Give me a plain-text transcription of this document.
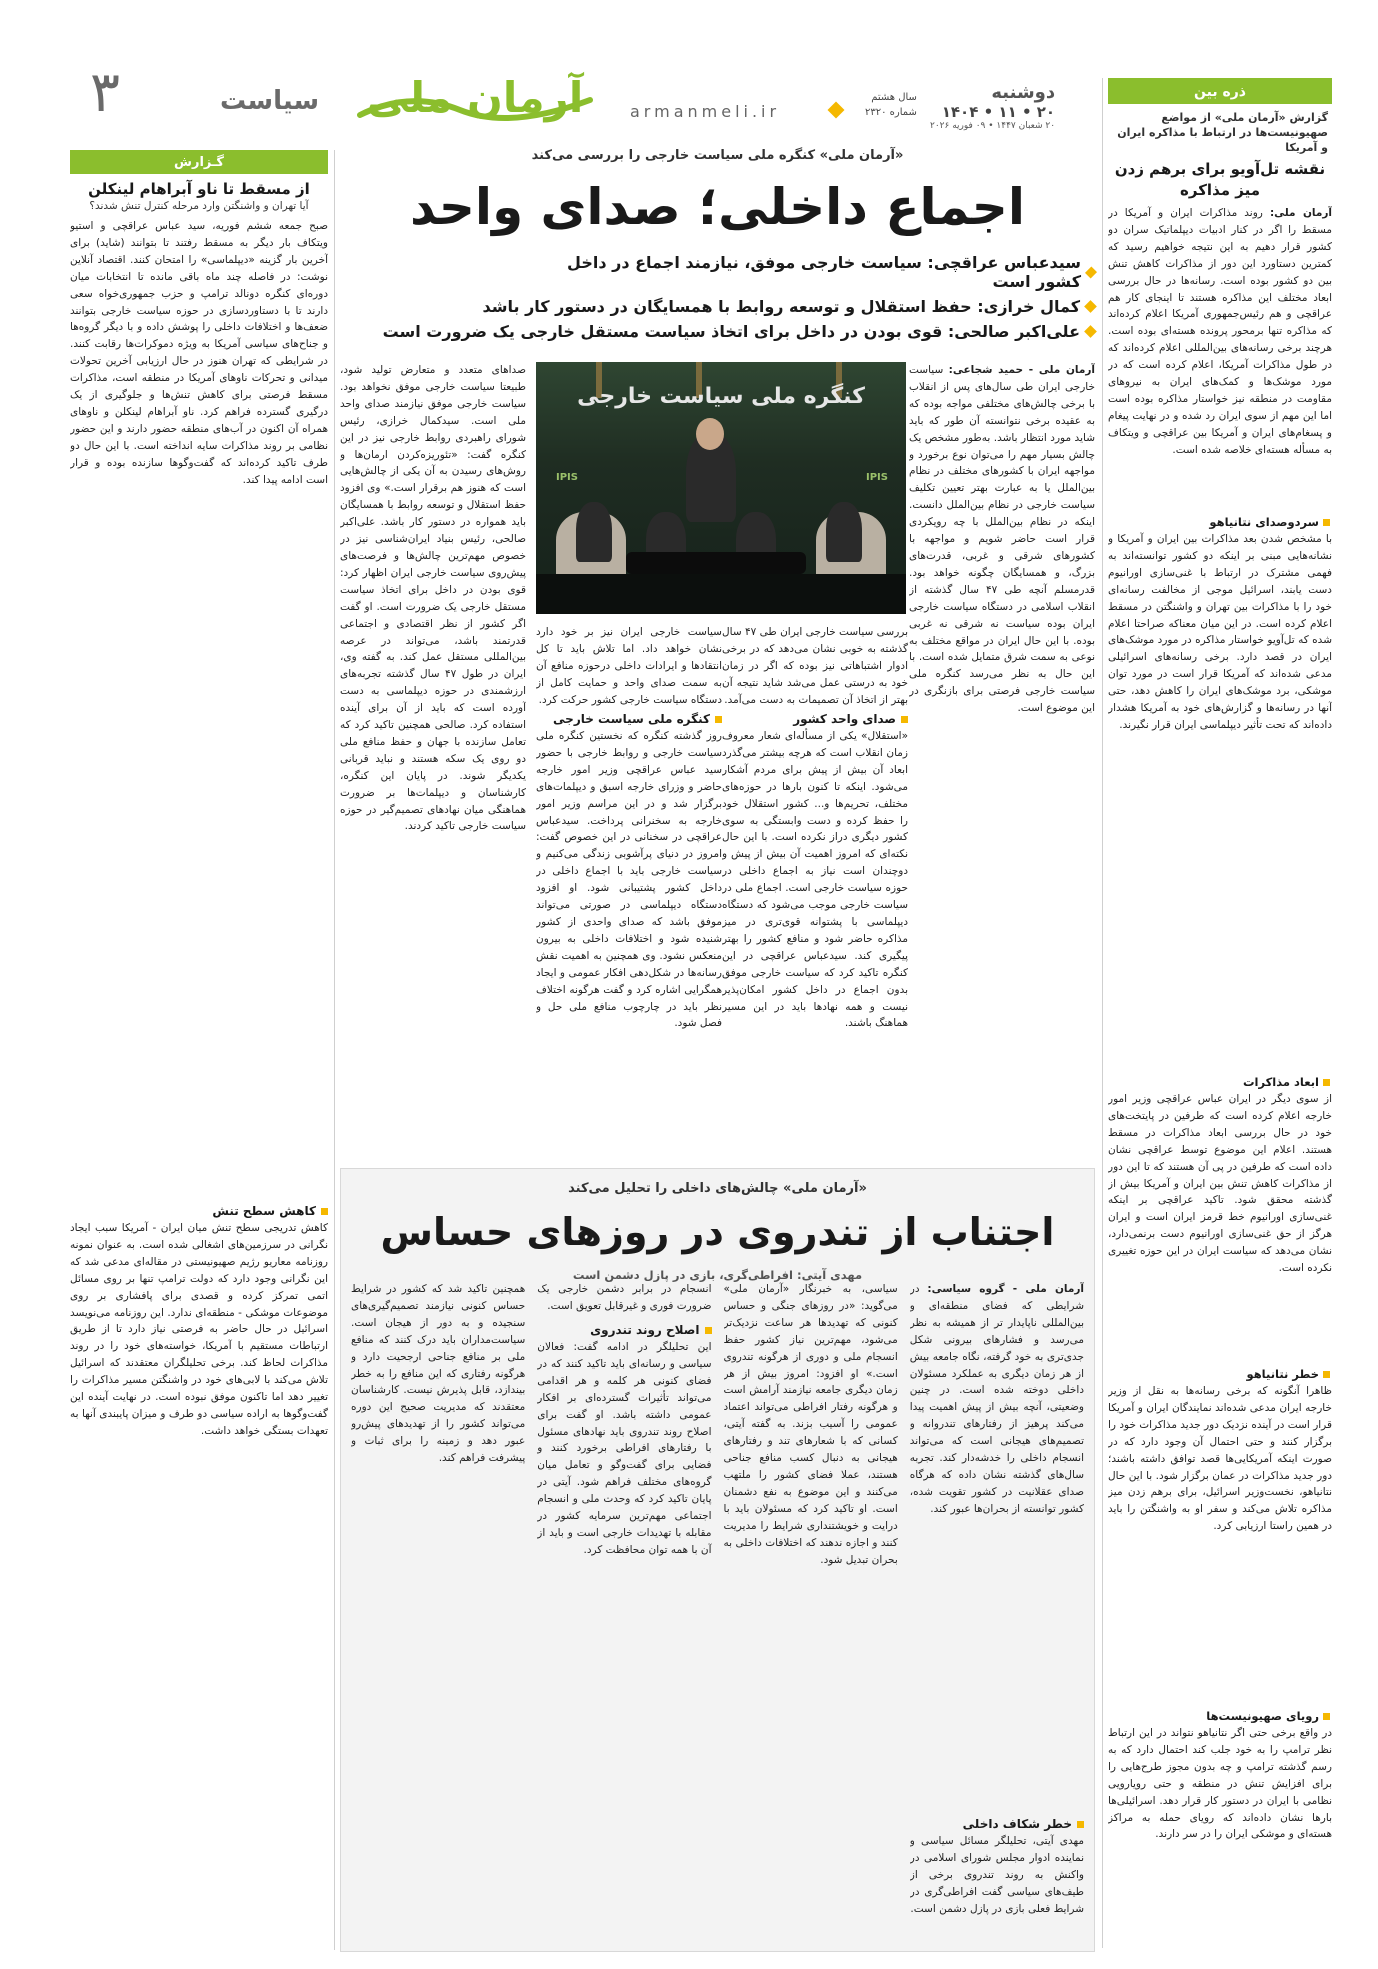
۳	سیاست آرمان ملی	armanmeli.ir
سال هشتم
شماره ۲۳۲۰
دوشنبه
۲۰ • ۱۱ • ۱۴۰۴
۲۰ شعبان ۱۴۴۷ • ۰۹ فوریه ۲۰۲۶
ذره بین
گزارش «آرمان ملی» از مواضع صهیونیست‌ها در ارتباط با مذاکره ایران و آمریکا
نقشه تل‌آویو برای برهم زدن میز مذاکره
آرمان ملی: روند مذاکرات ایران و آمریکا در مسقط را اگر در کنار ادبیات دیپلماتیک سران دو کشور قرار دهیم به این نتیجه خواهیم رسید که کمترین دستاورد این دور از مذاکرات کاهش تنش بین دو کشور بوده است. رسانه‌ها در حال بررسی ابعاد مختلف این مذاکره هستند تا اینجای کار هم عراقچی و هم رئیس‌جمهوری آمریکا اعلام کرده‌اند که مذاکره تنها برمحور پرونده هسته‌ای بوده است. هرچند برخی رسانه‌های بین‌المللی اعلام کرده‌اند که در طول مذاکرات آمریکا، اعلام کرده است که در مورد موشک‌ها و کمک‌های ایران به نیروهای مقاومت در منطقه نیز خواستار مذاکره بوده است اما این مهم از سوی ایران رد شده و در نهایت پیغام و پسغام‌های ایران و آمریکا بین عراقچی و ویتکاف به مسأله هسته‌ای خلاصه شده است.
سردوصدای نتانیاهو
با مشخص شدن بعد مذاکرات بین ایران و آمریکا و نشانه‌هایی مبنی بر اینکه دو کشور توانسته‌اند به فهمی مشترک در ارتباط با غنی‌سازی اورانیوم دست یابند، اسرائیل موجی از مخالفت رسانه‌ای خود را با مذاکرات بین تهران و واشنگتن در مسقط اعلام کرده است. در این میان معناکه صراحتا اعلام شده که تل‌آویو خواستار مذاکره در مورد موشک‌های ایران در قصد دارد. برخی رسانه‌های اسرائیلی مدعی شده‌اند که آمریکا قرار است در مورد توان موشکی، برد موشک‌های ایران را کاهش دهد، حتی آنها در رسانه‌ها و گزارش‌های خود به آمریکا هشدار داده‌اند که تحت تأثیر دیپلماسی ایران قرار نگیرند.
ابعاد مذاکرات
از سوی دیگر در ایران عباس عراقچی وزیر امور خارجه اعلام کرده است که طرفین در پایتخت‌های خود در حال بررسی ابعاد مذاکرات در مسقط هستند. اعلام این موضوع توسط عراقچی نشان داده است که طرفین در پی آن هستند که تا این دور از مذاکرات کاهش تنش بین ایران و آمریکا بیش از گذشته محقق شود. تاکید عراقچی بر اینکه غنی‌سازی اورانیوم خط قرمز ایران است و ایران هرگز از حق غنی‌سازی اورانیوم دست برنمی‌دارد، نشان می‌دهد که سیاست ایران در این حوزه تغییری نکرده است.
خطر نتانیاهو
ظاهرا آنگونه که برخی رسانه‌ها به نقل از وزیر خارجه ایران مدعی شده‌اند نمایندگان ایران و آمریکا قرار است در آینده نزدیک دور جدید مذاکرات خود را برگزار کنند و حتی احتمال آن وجود دارد که در صورت اینکه آمریکایی‌ها قصد توافق داشته باشند؛ دور جدید مذاکرات در عمان برگزار شود. با این حال نتانیاهو، نخست‌وزیر اسرائیل، برای برهم زدن میز مذاکره تلاش می‌کند و سفر او به واشنگتن را باید در همین راستا ارزیابی کرد.
رویای صهیونیست‌ها
در واقع برخی حتی اگر نتانیاهو نتواند در این ارتباط نظر ترامپ را به خود جلب کند احتمال دارد که به رسم گذشته ترامپ و چه بدون مجوز طرح‌هایی را برای افزایش تنش در منطقه و حتی رویارویی نظامی با ایران در دستور کار قرار دهد. اسرائیلی‌ها بارها نشان داده‌اند که رویای حمله به مراکز هسته‌ای و موشکی ایران را در سر دارند.
گـزارش
از مسقط تا ناو آبراهام لینکلن
آیا تهران و واشنگتن وارد مرحله کنترل تنش شدند؟
صبح جمعه ششم فوریه، سید عباس عراقچی و استیو ویتکاف بار دیگر به مسقط رفتند تا بتوانند (شاید) برای آخرین بار گزینه «دیپلماسی» را امتحان کنند. اقتصاد آنلاین نوشت: در فاصله چند ماه باقی مانده تا انتخابات میان دوره‌ای کنگره دونالد ترامپ و حزب جمهوری‌خواه سعی دارند تا با دستاوردسازی در حوزه سیاست خارجی بتوانند ضعف‌ها و اختلافات داخلی را پوشش داده و با دیگر گروه‌ها و جناح‌های سیاسی آمریکا به ویژه دموکرات‌ها رقابت کنند. در شرایطی که تهران هنوز در حال ارزیابی آخرین تحولات میدانی و تحرکات ناوهای آمریکا در منطقه است، مذاکرات مسقط فرصتی برای کاهش تنش‌ها و جلوگیری از یک درگیری گسترده فراهم کرد. ناو آبراهام لینکلن و ناوهای همراه آن اکنون در آب‌های منطقه حضور دارند و این حضور نظامی بر روند مذاکرات سایه انداخته است. با این حال دو طرف تاکید کرده‌اند که گفت‌وگوها سازنده بوده و قرار است ادامه پیدا کند.
کاهش سطح تنش
کاهش تدریجی سطح تنش میان ایران - آمریکا سبب ایجاد نگرانی در سرزمین‌های اشغالی شده است. به عنوان نمونه روزنامه معاریو رژیم صهیونیستی در مقاله‌ای مدعی شد که این نگرانی وجود دارد که دولت ترامپ تنها بر روی مسائل اتمی تمرکز کرده و قصدی برای پافشاری بر روی موضوعات موشکی - منطقه‌ای ندارد. این روزنامه می‌نویسد اسرائیل در حال حاضر به فرصتی نیاز دارد تا از طریق ارتباطات مستقیم با آمریکا، خواسته‌های خود را در روند مذاکرات لحاظ کند. برخی تحلیلگران معتقدند که اسرائیل تلاش می‌کند با لابی‌های خود در واشنگتن مسیر مذاکرات را تغییر دهد اما تاکنون موفق نبوده است. در نهایت آینده این گفت‌وگوها به اراده سیاسی دو طرف و میزان پایبندی آنها به تعهدات بستگی خواهد داشت.
«آرمان ملی» کنگره ملی سیاست خارجی را بررسی می‌کند
اجماع داخلی؛ صدای واحد
سیدعباس عراقچی: سیاست خارجی موفق، نیازمند اجماع در داخل کشور است
کمال خرازی: حفظ استقلال و توسعه روابط با همسایگان در دستور کار باشد
علی‌اکبر صالحی: قوی بودن در داخل برای اتخاذ سیاست مستقل خارجی یک ضرورت است
آرمان ملی - حمید شجاعی: سیاست خارجی ایران طی سال‌های پس از انقلاب با برخی چالش‌های مختلفی مواجه بوده که به عقیده برخی نتوانسته آن طور که باید شاید مورد انتظار باشد. به‌طور مشخص یک چالش بسیار مهم را می‌توان نوع برخورد و مواجهه ایران با کشورهای مختلف در نظام بین‌الملل یا به عبارت بهتر تعیین تکلیف سیاست خارجی در نظام بین‌الملل دانست. اینکه در نظام بین‌الملل با چه رویکردی قرار است حاضر شویم و مواجهه با کشورهای شرقی و غربی، قدرت‌های بزرگ، و همسایگان چگونه خواهد بود. قدرمسلم آنچه طی ۴۷ سال گذشته از انقلاب اسلامی در دستگاه سیاست خارجی ایران بوده سیاست نه شرقی نه غربی بوده. با این حال ایران در مواقع مختلف به نوعی به سمت شرق متمایل شده است. با این حال به نظر می‌رسد کنگره ملی سیاست خارجی فرصتی برای بازنگری در این موضوع است.
کنگره ملی سیاست خارجی
IPIS	IPIS
بررسی سیاست خارجی ایران طی ۴۷ سال گذشته به خوبی نشان می‌دهد که در برخی ادوار اشتباهاتی نیز بوده که اگر در زمان خود به درستی عمل می‌شد شاید نتیجه آن بهتر از اتخاذ آن تصمیمات به دست می‌آمد.
صدای واحد کشور
«استقلال» یکی از مسأله‌ای شعار معروف زمان انقلاب است که هرچه بیشتر می‌گذرد ابعاد آن بیش از پیش برای مردم آشکار می‌شود. اینکه تا کنون بارها در حوزه‌های مختلف، تحریم‌ها و... کشور استقلال خود را حفظ کرده و دست وابستگی به سوی کشور دیگری دراز نکرده است. با این حال نکته‌ای که امروز اهمیت آن بیش از پیش و دوچندان است نیاز به اجماع داخلی در حوزه سیاست خارجی است. اجماع ملی در سیاست خارجی موجب می‌شود که دستگاه دیپلماسی با پشتوانه قوی‌تری در میز مذاکره حاضر شود و منافع کشور را بهتر پیگیری کند. سیدعباس عراقچی در این کنگره تاکید کرد که سیاست خارجی موفق بدون اجماع در داخل کشور امکان‌پذیر نیست و همه نهادها باید در این مسیر هماهنگ باشند.
سیاست خارجی ایران نیز بر خود دارد نشان خواهد داد. اما تلاش باید تا کل انتقادها و ایرادات داخلی درحوزه منافع آن به سمت صدای واحد و حمایت کامل از دستگاه سیاست خارجی کشور حرکت کرد.
کنگره ملی سیاست خارجی
روز گذشته کنگره که نخستین کنگره ملی سیاست خارجی و روابط خارجی با حضور سید عباس عراقچی وزیر امور خارجه حاضر و وزرای خارجه اسبق و دیپلمات‌های برگزار شد و در این مراسم وزیر امور خارجه به سخنرانی پرداخت. سیدعباس عراقچی در سخنانی در این خصوص گفت: امروز در دنیای پرآشوبی زندگی می‌کنیم و سیاست خارجی باید با اجماع داخلی در داخل کشور پشتیبانی شود. او افزود دستگاه دیپلماسی در صورتی می‌تواند موفق باشد که صدای واحدی از کشور شنیده شود و اختلافات داخلی به بیرون منعکس نشود. وی همچنین به اهمیت نقش رسانه‌ها در شکل‌دهی افکار عمومی و ایجاد همگرایی اشاره کرد و گفت هرگونه اختلاف نظر باید در چارچوب منافع ملی حل و فصل شود.
صداهای متعدد و متعارض تولید شود، طبیعتا سیاست خارجی موفق نخواهد بود. سیاست خارجی موفق نیازمند صدای واحد ملی است. سیدکمال خرازی، رئیس شورای راهبردی روابط خارجی نیز در این کنگره گفت: «تئوریزه‌کردن ارمان‌ها و روش‌های رسیدن به آن یکی از چالش‌هایی است که هنوز هم برقرار است.» وی افزود حفظ استقلال و توسعه روابط با همسایگان باید همواره در دستور کار باشد. علی‌اکبر صالحی، رئیس بنیاد ایران‌شناسی نیز در خصوص مهم‌ترین چالش‌ها و فرصت‌های پیش‌روی سیاست خارجی ایران اظهار کرد: قوی بودن در داخل برای اتخاذ سیاست مستقل خارجی یک ضرورت است. او گفت اگر کشور از نظر اقتصادی و اجتماعی قدرتمند باشد، می‌تواند در عرصه بین‌المللی مستقل عمل کند. به گفته وی، ایران در طول ۴۷ سال گذشته تجربه‌های ارزشمندی در حوزه دیپلماسی به دست آورده است که باید از آن برای آینده استفاده کرد. صالحی همچنین تاکید کرد که تعامل سازنده با جهان و حفظ منافع ملی دو روی یک سکه هستند و نباید قربانی یکدیگر شوند. در پایان این کنگره، کارشناسان و دیپلمات‌ها بر ضرورت هماهنگی میان نهادهای تصمیم‌گیر در حوزه سیاست خارجی تاکید کردند.
«آرمان ملی» چالش‌های داخلی را تحلیل می‌کند
اجتناب از تندروی در روزهای حساس
مهدی آیتی: افراطی‌گری، بازی در پازل دشمن است
آرمان ملی - گروه سیاسی: در شرایطی که فضای منطقه‌ای و بین‌المللی ناپایدار تر از همیشه به نظر می‌رسد و فشارهای بیرونی شکل جدی‌تری به خود گرفته، نگاه جامعه بیش از هر زمان دیگری به عملکرد مسئولان داخلی دوخته شده است. در چنین وضعیتی، آنچه بیش از پیش اهمیت پیدا می‌کند پرهیز از رفتارهای تندروانه و تصمیم‌های هیجانی است که می‌تواند انسجام داخلی را خدشه‌دار کند. تجربه سال‌های گذشته نشان داده که هرگاه صدای عقلانیت در کشور تقویت شده، کشور توانسته از بحران‌ها عبور کند.
خطر شکاف داخلی
مهدی آیتی، تحلیلگر مسائل سیاسی و نماینده ادوار مجلس شورای اسلامی در واکنش به روند تندروی برخی از طیف‌های سیاسی گفت افراطی‌گری در شرایط فعلی بازی در پازل دشمن است.
سیاسی، به خبرنگار «آرمان ملی» می‌گوید: «در روزهای جنگی و حساس کنونی که تهدیدها هر ساعت نزدیک‌تر می‌شود، مهم‌ترین نیاز کشور حفظ انسجام ملی و دوری از هرگونه تندروی است.» او افزود: امروز بیش از هر زمان دیگری جامعه نیازمند آرامش است و هرگونه رفتار افراطی می‌تواند اعتماد عمومی را آسیب بزند. به گفته آیتی، کسانی که با شعارهای تند و رفتارهای هیجانی به دنبال کسب منافع جناحی هستند، عملا فضای کشور را ملتهب می‌کنند و این موضوع به نفع دشمنان است. او تاکید کرد که مسئولان باید با درایت و خویشتنداری شرایط را مدیریت کنند و اجازه ندهند که اختلافات داخلی به بحران تبدیل شود.
انسجام در برابر دشمن خارجی یک ضرورت فوری و غیرقابل تعویق است.
اصلاح روند تندروی
این تحلیلگر در ادامه گفت: فعالان سیاسی و رسانه‌ای باید تاکید کنند که در فضای کنونی هر کلمه و هر اقدامی می‌تواند تأثیرات گسترده‌ای بر افکار عمومی داشته باشد. او گفت برای اصلاح روند تندروی باید نهادهای مسئول با رفتارهای افراطی برخورد کنند و فضایی برای گفت‌وگو و تعامل میان گروه‌های مختلف فراهم شود. آیتی در پایان تاکید کرد که وحدت ملی و انسجام اجتماعی مهم‌ترین سرمایه کشور در مقابله با تهدیدات خارجی است و باید از آن با همه توان محافظت کرد.
همچنین تاکید شد که کشور در شرایط حساس کنونی نیازمند تصمیم‌گیری‌های سنجیده و به دور از هیجان است. سیاست‌مداران باید درک کنند که منافع ملی بر منافع جناحی ارجحیت دارد و هرگونه رفتاری که این منافع را به خطر بیندازد، قابل پذیرش نیست. کارشناسان معتقدند که مدیریت صحیح این دوره می‌تواند کشور را از تهدیدهای پیش‌رو عبور دهد و زمینه را برای ثبات و پیشرفت فراهم کند.
